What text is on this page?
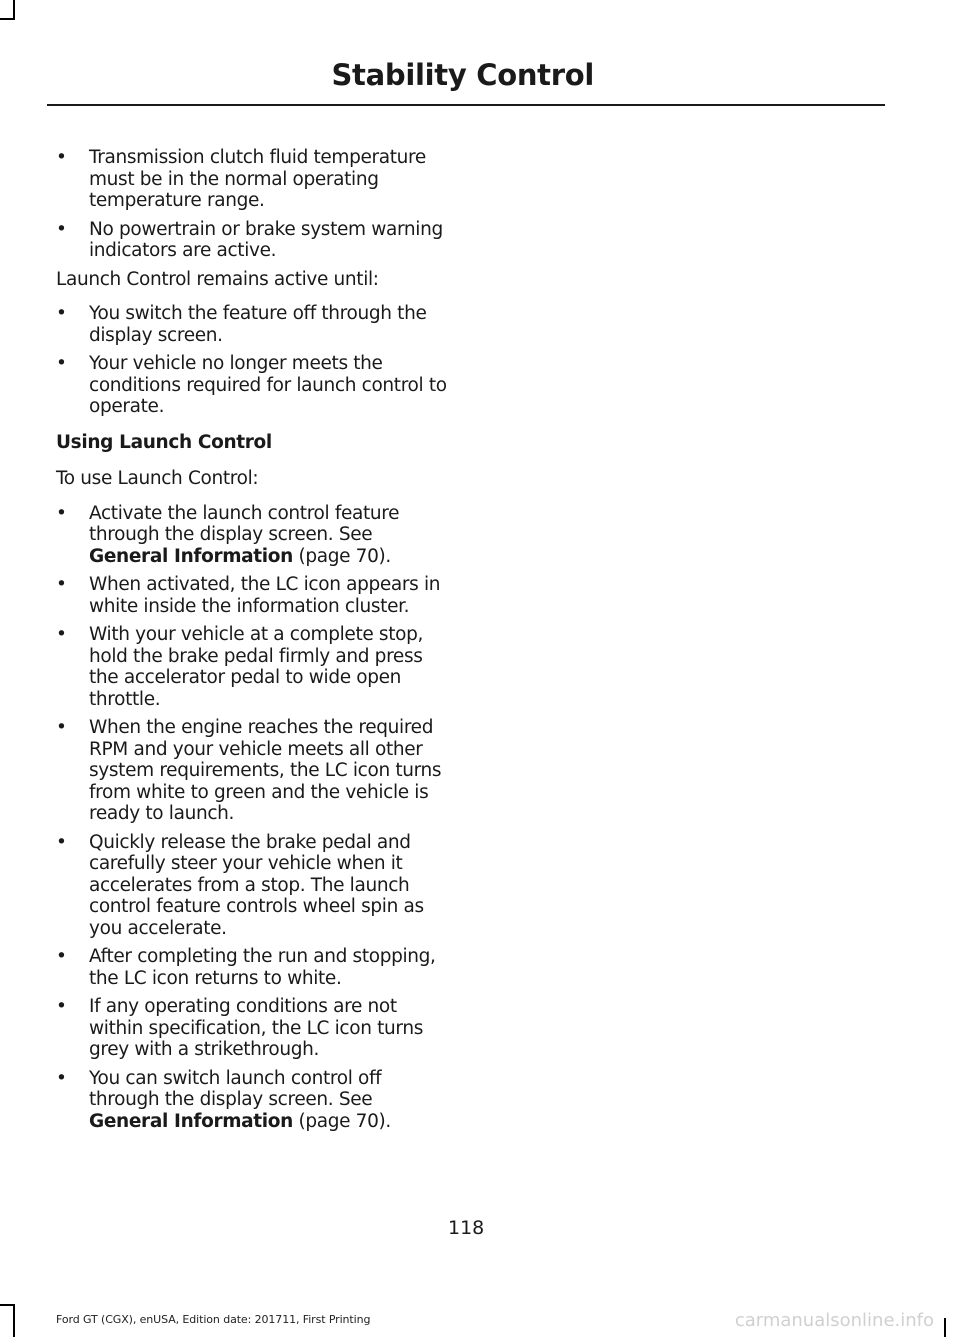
Stability Control
• Transmission clutch fluid temperature must be in the normal operating temperature range.
• No powertrain or brake system warning indicators are active.
Launch Control remains active until:
• You switch the feature off through the display screen.
• Your vehicle no longer meets the conditions required for launch control to operate.
Using Launch Control
To use Launch Control:
• Activate the launch control feature through the display screen. See General Information (page 70).
• When activated, the LC icon appears in white inside the information cluster.
• With your vehicle at a complete stop, hold the brake pedal firmly and press the accelerator pedal to wide open throttle.
• When the engine reaches the required RPM and your vehicle meets all other system requirements, the LC icon turns from white to green and the vehicle is ready to launch.
• Quickly release the brake pedal and carefully steer your vehicle when it accelerates from a stop. The launch control feature controls wheel spin as you accelerate.
• After completing the run and stopping, the LC icon returns to white.
• If any operating conditions are not within specification, the LC icon turns grey with a strikethrough.
• You can switch launch control off through the display screen. See General Information (page 70).
118
Ford GT (CGX), enUSA, Edition date: 201711, First Printing	carmanualsonline.info
